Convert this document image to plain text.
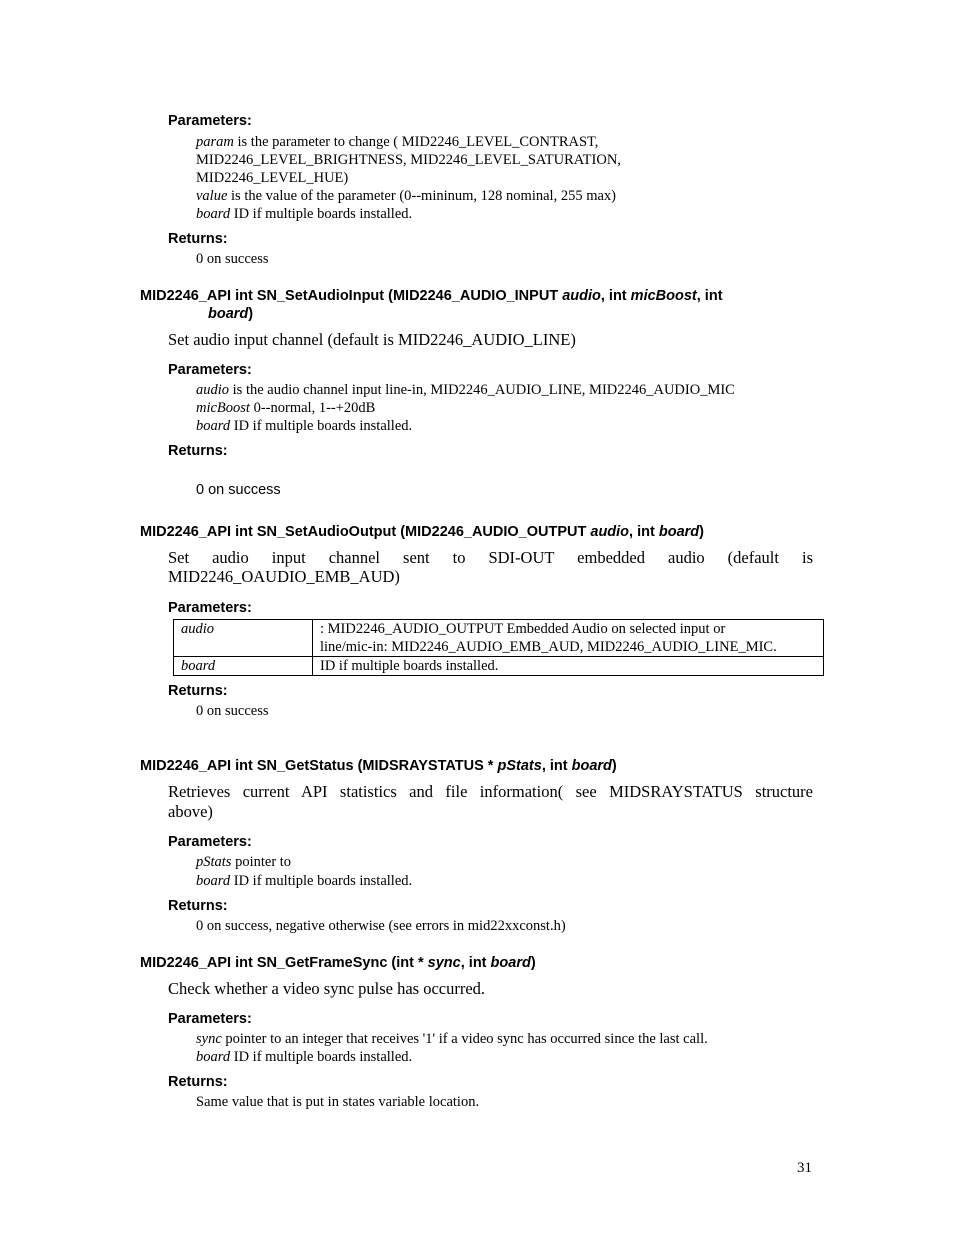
Parameters:
param is the parameter to change ( MID2246_LEVEL_CONTRAST,
MID2246_LEVEL_BRIGHTNESS, MID2246_LEVEL_SATURATION,
MID2246_LEVEL_HUE)
value is the value of the parameter (0--mininum, 128 nominal, 255 max)
board ID if multiple boards installed.
Returns:
0 on success
MID2246_API int SN_SetAudioInput (MID2246_AUDIO_INPUT audio, int micBoost, int
board)
Set audio input channel (default is MID2246_AUDIO_LINE)
Parameters:
audio is the audio channel input line-in, MID2246_AUDIO_LINE, MID2246_AUDIO_MIC
micBoost 0--normal, 1--+20dB
board ID if multiple boards installed.
Returns:
0 on success
MID2246_API int SN_SetAudioOutput (MID2246_AUDIO_OUTPUT audio, int board)
Set audio input channel sent to SDI-OUT embedded audio (default is
MID2246_OAUDIO_EMB_AUD)
Parameters:
audio	: MID2246_AUDIO_OUTPUT Embedded Audio on selected input or
line/mic-in: MID2246_AUDIO_EMB_AUD, MID2246_AUDIO_LINE_MIC.

board	ID if multiple boards installed.
Returns:
0 on success
MID2246_API int SN_GetStatus (MIDSRAYSTATUS * pStats, int board)
Retrieves current API statistics and file information( see MIDSRAYSTATUS structure
above)
Parameters:
pStats pointer to
board ID if multiple boards installed.
Returns:
0 on success, negative otherwise (see errors in mid22xxconst.h)
MID2246_API int SN_GetFrameSync (int * sync, int board)
Check whether a video sync pulse has occurred.
Parameters:
sync pointer to an integer that receives '1' if a video sync has occurred since the last call.
board ID if multiple boards installed.
Returns:
Same value that is put in states variable location.
31
